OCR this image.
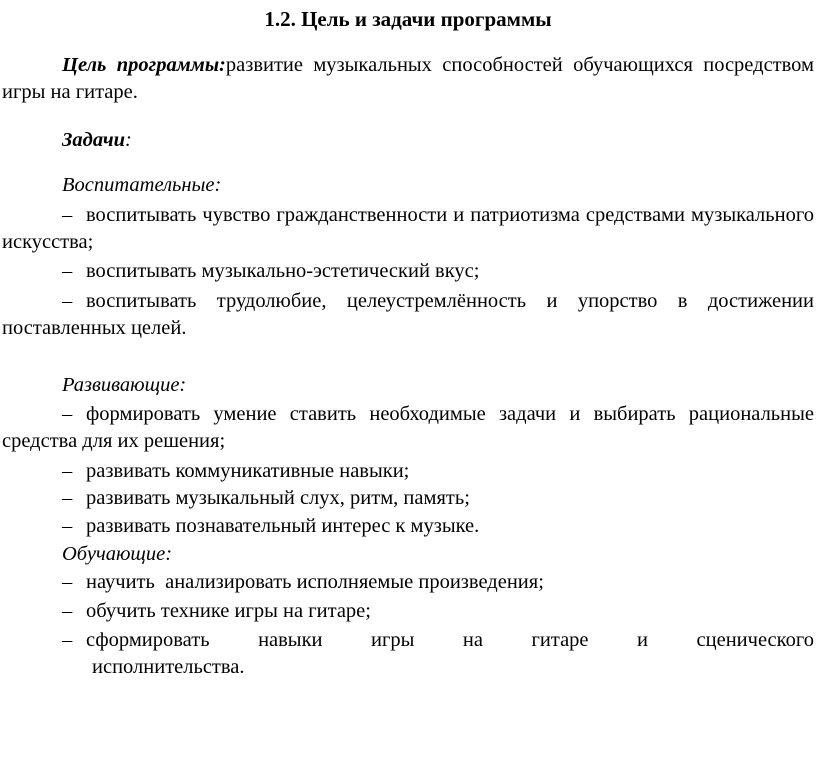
1.2. Цель и задачи программы
Цель программы:развитие музыкальных способностей обучающихся посредством игры на гитаре.
Задачи:
Воспитательные:
– воспитывать чувство гражданственности и патриотизма средствами музыкального искусства;
– воспитывать музыкально-эстетический вкус;
– воспитывать трудолюбие, целеустремлённость и упорство в достижении поставленных целей.
Развивающие:
– формировать умение ставить необходимые задачи и выбирать рациональные средства для их решения;
– развивать коммуникативные навыки;
– развивать музыкальный слух, ритм, память;
– развивать познавательный интерес к музыке.
Обучающие:
– научить  анализировать исполняемые произведения;
– обучить технике игры на гитаре;
– сформировать навыки игры на гитаре и сценического
исполнительства.
